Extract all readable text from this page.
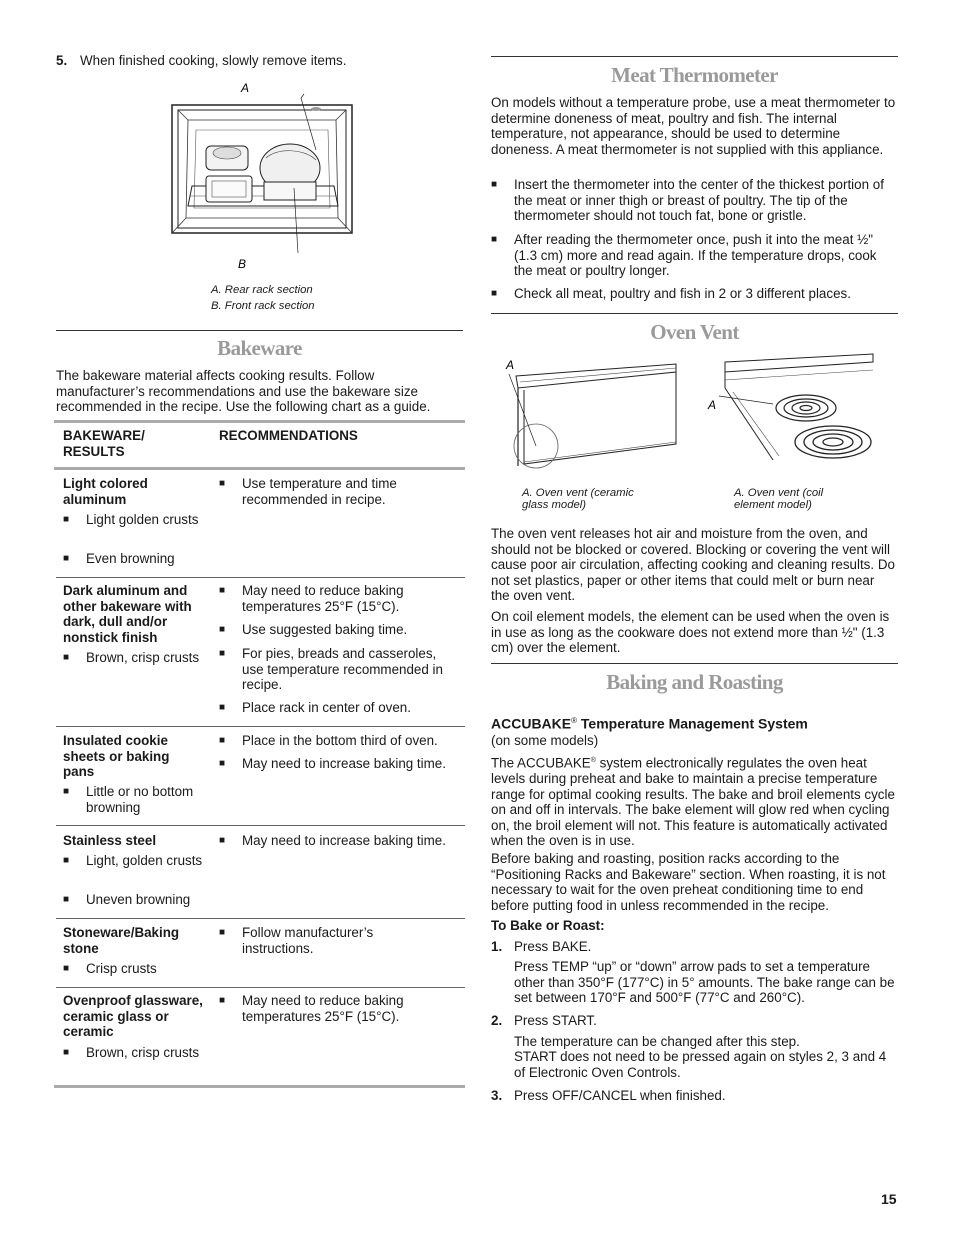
5. When finished cooking, slowly remove items.
A
B
A. Rear rack section
B. Front rack section
Bakeware

The bakeware material affects cooking results. Follow manufacturer’s recommendations and use the bakeware size recommended in the recipe. Use the following chart as a guide.

BAKEWARE/ RESULTS
RECOMMENDATIONS
Light colored aluminum
■ Light golden crusts
■ Even browning
■ Use temperature and time recommended in recipe.
Dark aluminum and other bakeware with dark, dull and/or nonstick finish
■ Brown, crisp crusts
■ May need to reduce baking temperatures 25°F (15°C).
■ Use suggested baking time.
■ For pies, breads and casseroles, use temperature recommended in recipe.
■ Place rack in center of oven.
Insulated cookie sheets or baking pans
■ Little or no bottom browning
■ Place in the bottom third of oven.
■ May need to increase baking time.
Stainless steel
■ Light, golden crusts
■ Uneven browning
■ May need to increase baking time.
Stoneware/Baking stone
■ Crisp crusts
■ Follow manufacturer’s instructions.
Ovenproof glassware, ceramic glass or ceramic
■ Brown, crisp crusts
■ May need to reduce baking temperatures 25°F (15°C).
Meat Thermometer

On models without a temperature probe, use a meat thermometer to determine doneness of meat, poultry and fish. The internal temperature, not appearance, should be used to determine doneness. A meat thermometer is not supplied with this appliance.

■ Insert the thermometer into the center of the thickest portion of the meat or inner thigh or breast of poultry. The tip of the thermometer should not touch fat, bone or gristle.
■ After reading the thermometer once, push it into the meat ½" (1.3 cm) more and read again. If the temperature drops, cook the meat or poultry longer.
■ Check all meat, poultry and fish in 2 or 3 different places.
Oven Vent
A
A
A. Oven vent (ceramic glass model)
A. Oven vent (coil element model)

The oven vent releases hot air and moisture from the oven, and should not be blocked or covered. Blocking or covering the vent will cause poor air circulation, affecting cooking and cleaning results. Do not set plastics, paper or other items that could melt or burn near the oven vent.

On coil element models, the element can be used when the oven is in use as long as the cookware does not extend more than ½" (1.3 cm) over the element.

Baking and Roasting
ACCUBAKE® Temperature Management System
(on some models)

The ACCUBAKE® system electronically regulates the oven heat levels during preheat and bake to maintain a precise temperature range for optimal cooking results. The bake and broil elements cycle on and off in intervals. The bake element will glow red when cycling on, the broil element will not. This feature is automatically activated when the oven is in use.

Before baking and roasting, position racks according to the “Positioning Racks and Bakeware” section. When roasting, it is not necessary to wait for the oven preheat conditioning time to end before putting food in unless recommended in the recipe.

To Bake or Roast:
1. Press BAKE.

Press TEMP “up” or “down” arrow pads to set a temperature other than 350°F (177°C) in 5° amounts. The bake range can be set between 170°F and 500°F (77°C and 260°C).

2. Press START.
The temperature can be changed after this step.

START does not need to be pressed again on styles 2, 3 and 4 of Electronic Oven Controls.

3. Press OFF/CANCEL when finished.
15
